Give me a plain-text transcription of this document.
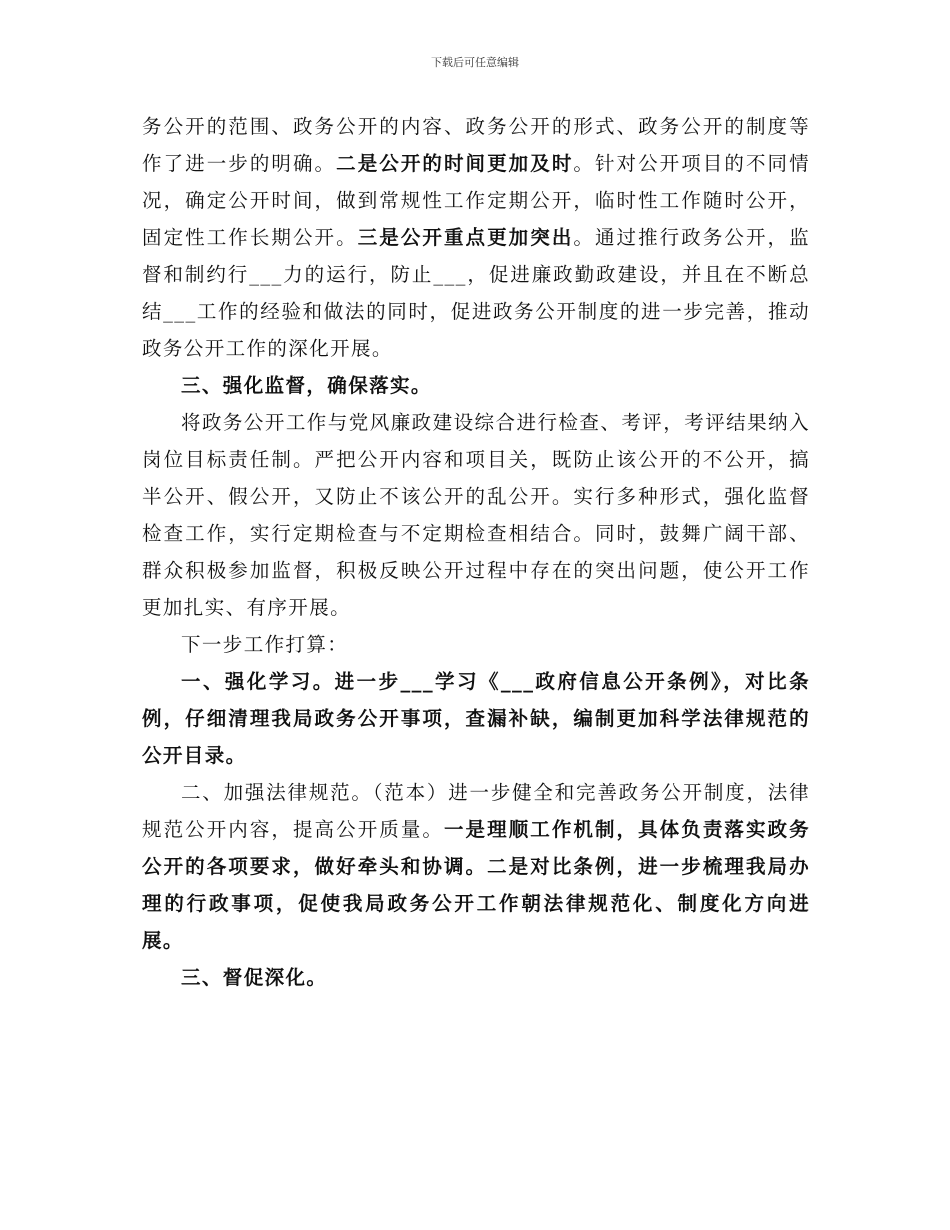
下载后可任意编辑

务公开的范围、政务公开的内容、政务公开的形式、政务公开的制度等作了进一步的明确。二是公开的时间更加及时。针对公开项目的不同情况，确定公开时间，做到常规性工作定期公开，临时性工作随时公开，固定性工作长期公开。三是公开重点更加突出。通过推行政务公开，监督和制约行___力的运行，防止___，促进廉政勤政建设，并且在不断总结___工作的经验和做法的同时，促进政务公开制度的进一步完善，推动政务公开工作的深化开展。

三、强化监督，确保落实。

将政务公开工作与党风廉政建设综合进行检查、考评，考评结果纳入岗位目标责任制。严把公开内容和项目关，既防止该公开的不公开，搞半公开、假公开，又防止不该公开的乱公开。实行多种形式，强化监督检查工作，实行定期检查与不定期检查相结合。同时，鼓舞广阔干部、群众积极参加监督，积极反映公开过程中存在的突出问题，使公开工作更加扎实、有序开展。

下一步工作打算：

一、强化学习。进一步___学习《___政府信息公开条例》，对比条例，仔细清理我局政务公开事项，查漏补缺，编制更加科学法律规范的公开目录。

二、加强法律规范。（范本）进一步健全和完善政务公开制度，法律规范公开内容，提高公开质量。一是理顺工作机制，具体负责落实政务公开的各项要求，做好牵头和协调。二是对比条例，进一步梳理我局办理的行政事项，促使我局政务公开工作朝法律规范化、制度化方向进展。

三、督促深化。
